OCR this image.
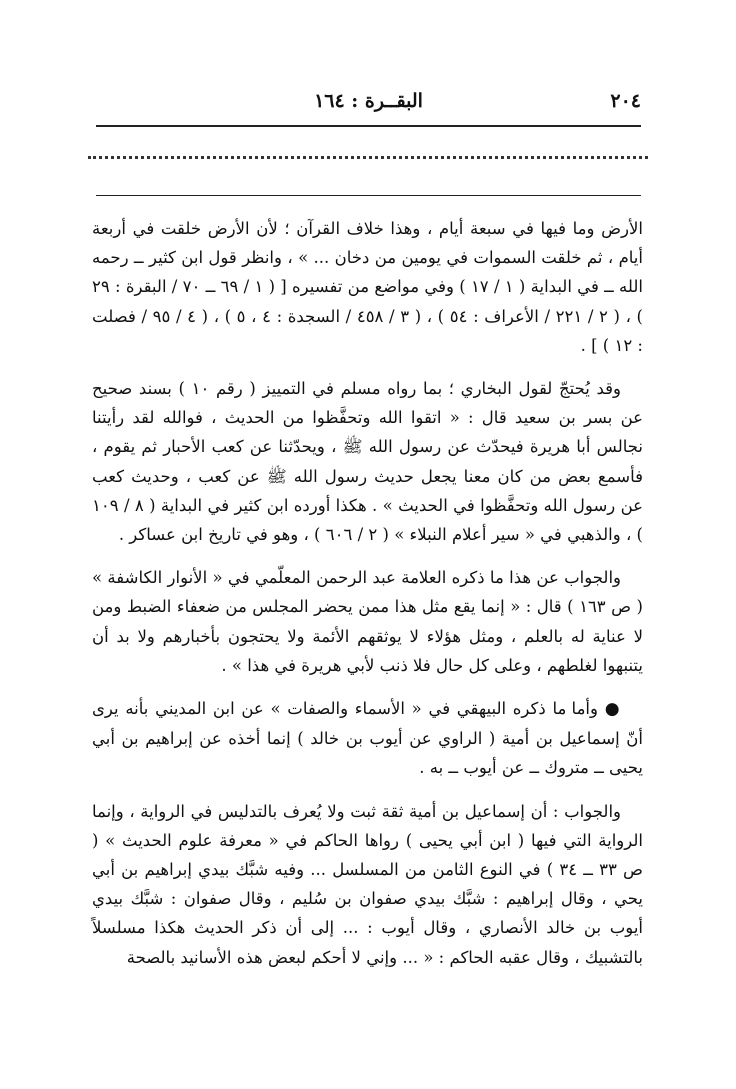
٢٠٤
البقــرة : ١٦٤

الأرض وما فيها في سبعة أيام ، وهذا خلاف القرآن ؛ لأن الأرض خلقت في أربعة أيام ، ثم خلقت السموات في يومين من دخان ... » ، وانظر قول ابن كثير ــ رحمه الله ــ في البداية ( ١ / ١٧ ) وفي مواضع من تفسيره [ ( ١ / ٦٩ ــ ٧٠ / البقرة : ٢٩ ) ، ( ٢ / ٢٢١ / الأعراف : ٥٤ ) ، ( ٣ / ٤٥٨ / السجدة : ٤ ، ٥ ) ، ( ٤ / ٩٥ / فصلت : ١٢ ) ] .

وقد يُحتجّ لقول البخاري ؛ بما رواه مسلم في التمييز ( رقم ١٠ ) بسند صحيح عن بسر بن سعيد قال : « اتقوا الله وتحفَّظوا من الحديث ، فوالله لقد رأيتنا نجالس أبا هريرة فيحدّث عن رسول الله ﷺ ، ويحدّثنا عن كعب الأحبار ثم يقوم ، فأسمع بعض من كان معنا يجعل حديث رسول الله ﷺ عن كعب ، وحديث كعب عن رسول الله وتحفَّظوا في الحديث » . هكذا أورده ابن كثير في البداية ( ٨ / ١٠٩ ) ، والذهبي في « سير أعلام النبلاء » ( ٢ / ٦٠٦ ) ، وهو في تاريخ ابن عساكر .

والجواب عن هذا ما ذكره العلامة عبد الرحمن المعلّمي في « الأنوار الكاشفة » ( ص ١٦٣ ) قال : « إنما يقع مثل هذا ممن يحضر المجلس من ضعفاء الضبط ومن لا عناية له بالعلم ، ومثل هؤلاء لا يوثقهم الأئمة ولا يحتجون بأخبارهم ولا بد أن يتنبهوا لغلطهم ، وعلى كل حال فلا ذنب لأبي هريرة في هذا » .

● وأما ما ذكره البيهقي في « الأسماء والصفات » عن ابن المديني بأنه يرى أنّ إسماعيل بن أمية ( الراوي عن أيوب بن خالد ) إنما أخذه عن إبراهيم بن أبي يحيى ــ متروك ــ عن أيوب ــ به .

والجواب : أن إسماعيل بن أمية ثقة ثبت ولا يُعرف بالتدليس في الرواية ، وإنما الرواية التي فيها ( ابن أبي يحيى ) رواها الحاكم في « معرفة علوم الحديث » ( ص ٣٣ ــ ٣٤ ) في النوع الثامن من المسلسل ... وفيه شبَّك بيدي إبراهيم بن أبي يحي ، وقال إبراهيم : شبَّك بيدي صفوان بن سُليم ، وقال صفوان : شبَّك بيدي أيوب بن خالد الأنصاري ، وقال أيوب : ... إلى أن ذكر الحديث هكذا مسلسلاً بالتشبيك ، وقال عقبه الحاكم : « ... وإني لا أحكم لبعض هذه الأسانيد بالصحة
